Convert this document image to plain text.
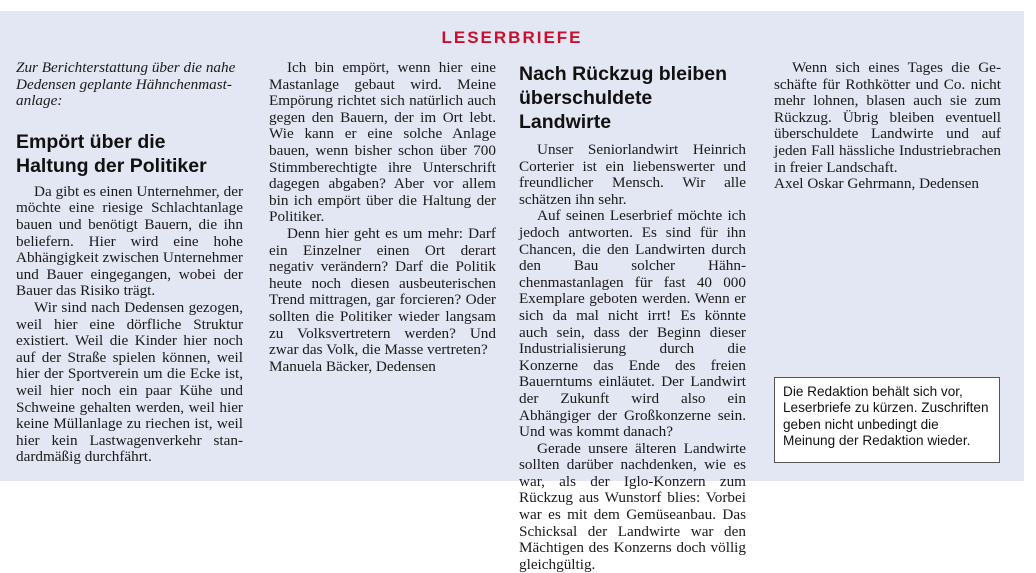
LESERBRIEFE

Zur Berichterstattung über die nahe Dedensen geplante Hähnchenmastanlage:

Empört über die Haltung der Politiker

Da gibt es einen Unternehmer, der möchte eine riesige Schlachtanlage bauen und benötigt Bauern, die ihn beliefern. Hier wird eine hohe Abhängigkeit zwischen Unternehmer und Bauer eingegangen, wobei der Bauer das Risiko trägt.

Wir sind nach Dedensen gezogen, weil hier eine dörfliche Struktur existiert. Weil die Kinder hier noch auf der Straße spielen können, weil hier der Sportverein um die Ecke ist, weil hier noch ein paar Kühe und Schweine gehalten werden, weil hier keine Müllanlage zu riechen ist, weil hier kein Lastwagenverkehr standardmäßig durchfährt.

Ich bin empört, wenn hier eine Mastanlage gebaut wird. Meine Empörung richtet sich natürlich auch gegen den Bauern, der im Ort lebt. Wie kann er eine solche Anlage bauen, wenn bisher schon über 700 Stimmberechtigte ihre Unterschrift dagegen abgaben? Aber vor allem bin ich empört über die Haltung der Politiker.

Denn hier geht es um mehr: Darf ein Einzelner einen Ort derart negativ verändern? Darf die Politik heute noch diesen ausbeuterischen Trend mittragen, gar forcieren? Oder sollten die Politiker wieder langsam zu Volksvertretern werden? Und zwar das Volk, die Masse vertreten?

Manuela Bäcker, Dedensen

Nach Rückzug bleiben überschuldete Landwirte

Unser Seniorlandwirt Heinrich Corterier ist ein liebenswerter und freundlicher Mensch. Wir alle schätzen ihn sehr.

Auf seinen Leserbrief möchte ich jedoch antworten. Es sind für ihn Chancen, die den Landwirten durch den Bau solcher Hähnchenmastanlagen für fast 40 000 Exemplare geboten werden. Wenn er sich da mal nicht irrt! Es könnte auch sein, dass der Beginn dieser Industrialisierung durch die Konzerne das Ende des freien Bauerntums einläutet. Der Landwirt der Zukunft wird also ein Abhängiger der Großkonzerne sein. Und was kommt danach?

Gerade unsere älteren Landwirte sollten darüber nachdenken, wie es war, als der Iglo-Konzern zum Rückzug aus Wunstorf blies: Vorbei war es mit dem Gemüseanbau. Das Schicksal der Landwirte war den Mächtigen des Konzerns doch völlig gleichgültig.

Wenn sich eines Tages die Geschäfte für Rothkötter und Co. nicht mehr lohnen, blasen auch sie zum Rückzug. Übrig bleiben eventuell überschuldete Landwirte und auf jeden Fall hässliche Industriebrachen in freier Landschaft.

Axel Oskar Gehrmann, Dedensen

Die Redaktion behält sich vor, Leserbriefe zu kürzen. Zuschriften geben nicht unbedingt die Meinung der Redaktion wieder.
